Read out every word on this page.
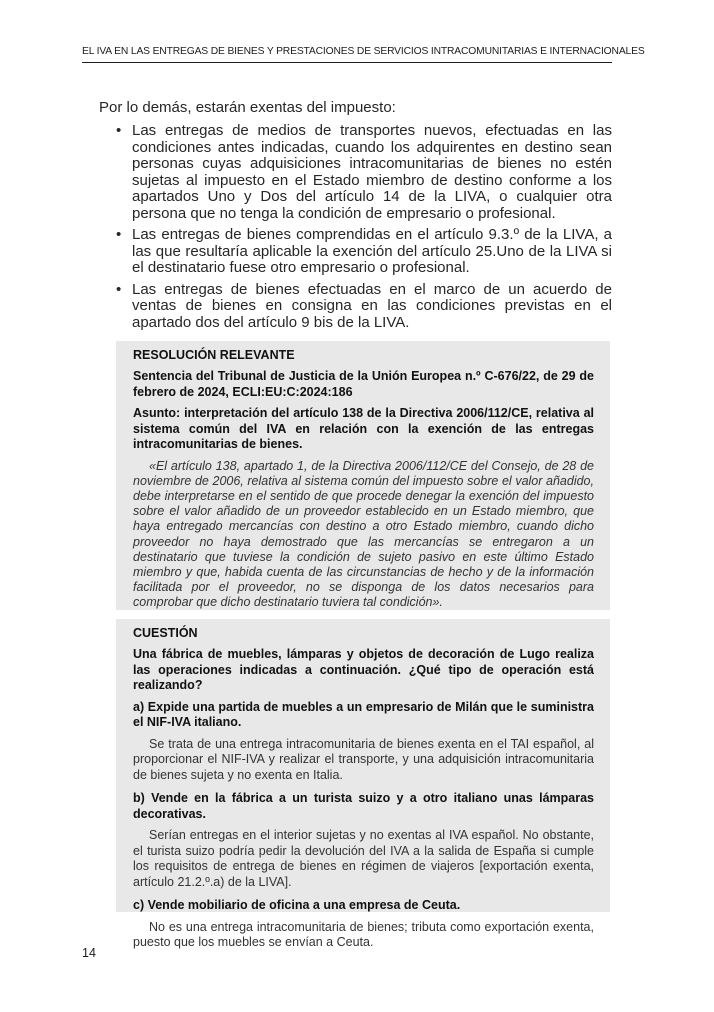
EL IVA EN LAS ENTREGAS DE BIENES Y PRESTACIONES DE SERVICIOS INTRACOMUNITARIAS E INTERNACIONALES
Por lo demás, estarán exentas del impuesto:
• Las entregas de medios de transportes nuevos, efectuadas en las condiciones antes indicadas, cuando los adquirentes en destino sean personas cuyas adquisiciones intracomunitarias de bienes no estén sujetas al impuesto en el Estado miembro de destino conforme a los apartados Uno y Dos del artículo 14 de la LIVA, o cualquier otra persona que no tenga la condición de empresario o profesional.
• Las entregas de bienes comprendidas en el artículo 9.3.º de la LIVA, a las que resultaría aplicable la exención del artículo 25.Uno de la LIVA si el destinatario fuese otro empresario o profesional.
• Las entregas de bienes efectuadas en el marco de un acuerdo de ventas de bienes en consigna en las condiciones previstas en el apartado dos del artículo 9 bis de la LIVA.
RESOLUCIÓN RELEVANTE
Sentencia del Tribunal de Justicia de la Unión Europea n.º C-676/22, de 29 de febrero de 2024, ECLI:EU:C:2024:186
Asunto: interpretación del artículo 138 de la Directiva 2006/112/CE, relativa al sistema común del IVA en relación con la exención de las entregas intracomunitarias de bienes.

«El artículo 138, apartado 1, de la Directiva 2006/112/CE del Consejo, de 28 de noviembre de 2006, relativa al sistema común del impuesto sobre el valor añadido, debe interpretarse en el sentido de que procede denegar la exención del impuesto sobre el valor añadido de un proveedor establecido en un Estado miembro, que haya entregado mercancías con destino a otro Estado miembro, cuando dicho proveedor no haya demostrado que las mercancías se entregaron a un destinatario que tuviese la condición de sujeto pasivo en este último Estado miembro y que, habida cuenta de las circunstancias de hecho y de la información facilitada por el proveedor, no se disponga de los datos necesarios para comprobar que dicho destinatario tuviera tal condición».

CUESTIÓN
Una fábrica de muebles, lámparas y objetos de decoración de Lugo realiza las operaciones indicadas a continuación. ¿Qué tipo de operación está realizando?
a) Expide una partida de muebles a un empresario de Milán que le suministra el NIF-IVA italiano.

Se trata de una entrega intracomunitaria de bienes exenta en el TAI español, al proporcionar el NIF-IVA y realizar el transporte, y una adquisición intracomunitaria de bienes sujeta y no exenta en Italia.

b) Vende en la fábrica a un turista suizo y a otro italiano unas lámparas decorativas.

Serían entregas en el interior sujetas y no exentas al IVA español. No obstante, el turista suizo podría pedir la devolución del IVA a la salida de España si cumple los requisitos de entrega de bienes en régimen de viajeros [exportación exenta, artículo 21.2.º.a) de la LIVA].

c) Vende mobiliario de oficina a una empresa de Ceuta.

No es una entrega intracomunitaria de bienes; tributa como exportación exenta, puesto que los muebles se envían a Ceuta.

14
